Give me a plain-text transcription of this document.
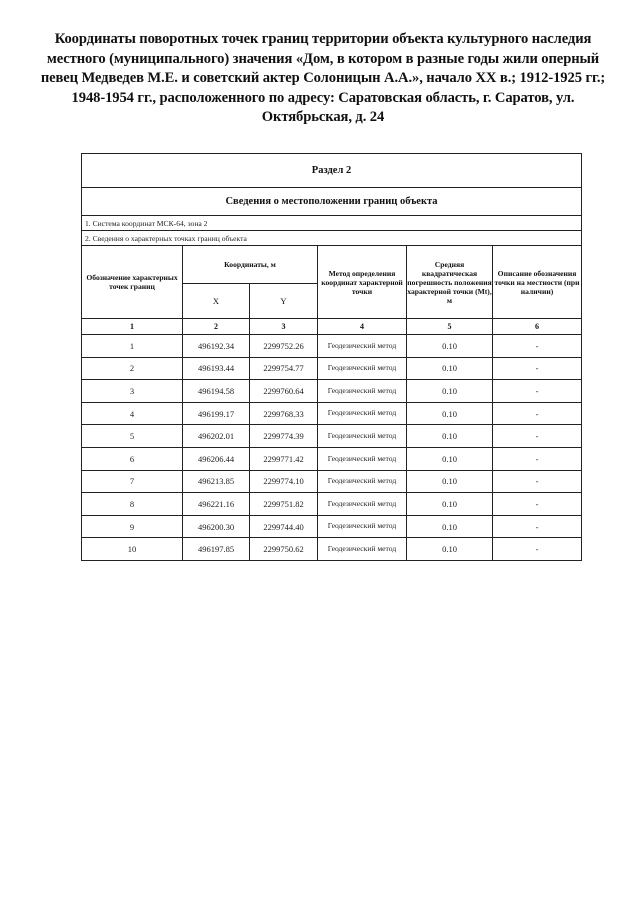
Координаты поворотных точек границ территории объекта культурного наследия местного (муниципального) значения «Дом, в котором в разные годы жили оперный певец Медведев М.Е. и советский актер Солоницын А.А.», начало XX в.; 1912-1925 гг.; 1948-1954 гг., расположенного по адресу: Саратовская область, г. Саратов, ул. Октябрьская, д. 24
Раздел 2					
Сведения о местоположении границ объекта					
1. Система координат МСК-64, зона 2					
2. Сведения о характерных точках границ объекта					
Обозначение характерных точек границ	Координаты, м		Метод определения координат характерной точки	Средняя квадратическая погрешность положения характерной точки (Mt), м	Описание обозначения точки на местности (при наличии)
	X	Y			
1	2	3	4	5	6
1	496192.34	2299752.26	Геодезический метод	0.10	-
2	496193.44	2299754.77	Геодезический метод	0.10	-
3	496194.58	2299760.64	Геодезический метод	0.10	-
4	496199.17	2299768.33	Геодезический метод	0.10	-
5	496202.01	2299774.39	Геодезический метод	0.10	-
6	496206.44	2299771.42	Геодезический метод	0.10	-
7	496213.85	2299774.10	Геодезический метод	0.10	-
8	496221.16	2299751.82	Геодезический метод	0.10	-
9	496200.30	2299744.40	Геодезический метод	0.10	-
10	496197.85	2299750.62	Геодезический метод	0.10	-
